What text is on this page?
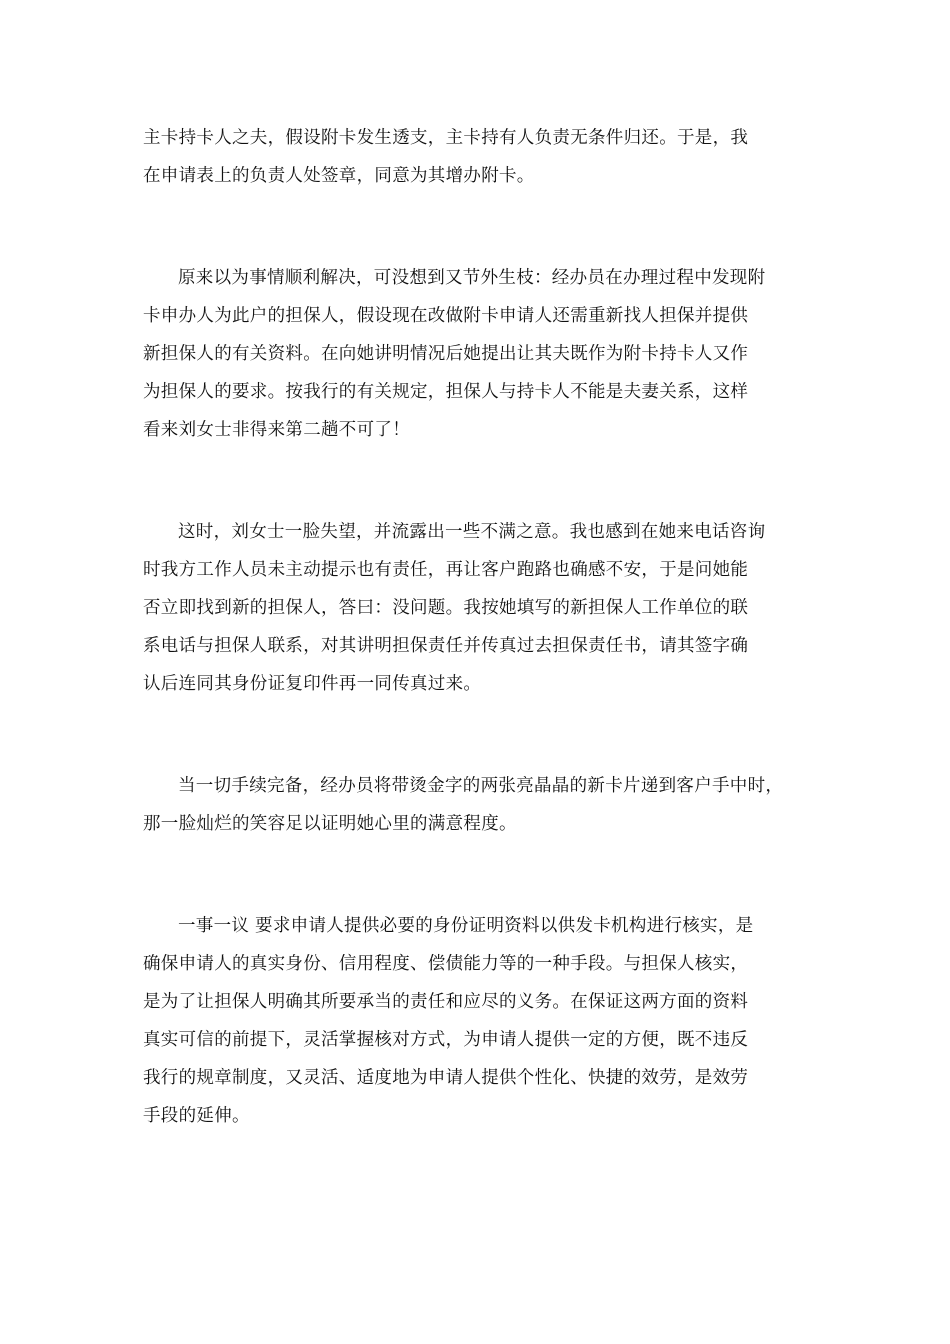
主卡持卡人之夫，假设附卡发生透支，主卡持有人负责无条件归还。于是，我
在申请表上的负责人处签章，同意为其增办附卡。
原来以为事情顺利解决，可没想到又节外生枝：经办员在办理过程中发现附
卡申办人为此户的担保人，假设现在改做附卡申请人还需重新找人担保并提供
新担保人的有关资料。在向她讲明情况后她提出让其夫既作为附卡持卡人又作
为担保人的要求。按我行的有关规定，担保人与持卡人不能是夫妻关系，这样
看来刘女士非得来第二趟不可了！
这时，刘女士一脸失望，并流露出一些不满之意。我也感到在她来电话咨询
时我方工作人员未主动提示也有责任，再让客户跑路也确感不安，于是问她能
否立即找到新的担保人，答曰：没问题。我按她填写的新担保人工作单位的联
系电话与担保人联系，对其讲明担保责任并传真过去担保责任书，请其签字确
认后连同其身份证复印件再一同传真过来。
当一切手续完备，经办员将带烫金字的两张亮晶晶的新卡片递到客户手中时，
那一脸灿烂的笑容足以证明她心里的满意程度。
一事一议 要求申请人提供必要的身份证明资料以供发卡机构进行核实，是
确保申请人的真实身份、信用程度、偿债能力等的一种手段。与担保人核实，
是为了让担保人明确其所要承当的责任和应尽的义务。在保证这两方面的资料
真实可信的前提下，灵活掌握核对方式，为申请人提供一定的方便，既不违反
我行的规章制度，又灵活、适度地为申请人提供个性化、快捷的效劳，是效劳
手段的延伸。
